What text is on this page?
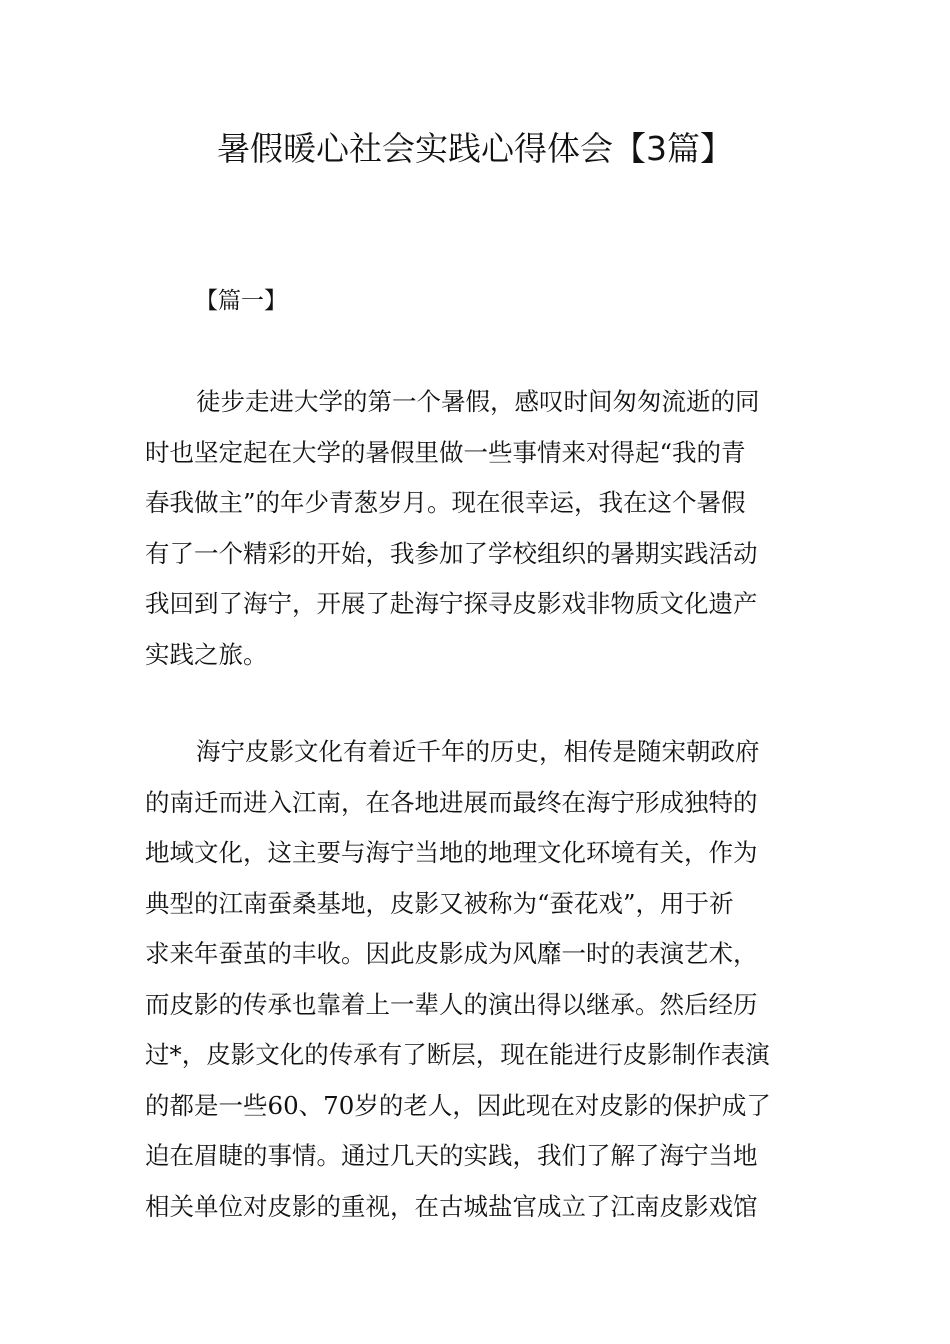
暑假暖心社会实践心得体会【3篇】
【篇一】
徒步走进大学的第一个暑假，感叹时间匆匆流逝的同
时也坚定起在大学的暑假里做一些事情来对得起“我的青
春我做主”的年少青葱岁月。现在很幸运，我在这个暑假
有了一个精彩的开始，我参加了学校组织的暑期实践活动
我回到了海宁，开展了赴海宁探寻皮影戏非物质文化遗产
实践之旅。
海宁皮影文化有着近千年的历史，相传是随宋朝政府
的南迁而进入江南，在各地进展而最终在海宁形成独特的
地域文化，这主要与海宁当地的地理文化环境有关，作为
典型的江南蚕桑基地，皮影又被称为“蚕花戏”，用于祈
求来年蚕茧的丰收。因此皮影成为风靡一时的表演艺术，
而皮影的传承也靠着上一辈人的演出得以继承。然后经历
过*，皮影文化的传承有了断层，现在能进行皮影制作表演
的都是一些60、70岁的老人，因此现在对皮影的保护成了
迫在眉睫的事情。通过几天的实践，我们了解了海宁当地
相关单位对皮影的重视，在古城盐官成立了江南皮影戏馆
